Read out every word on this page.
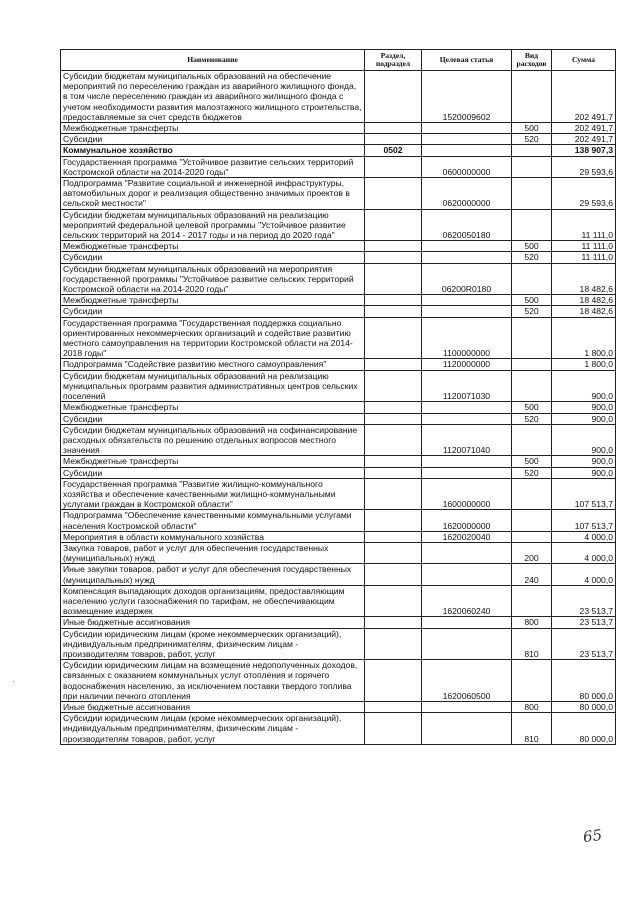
Наименование	Раздел, подраздел	Целевая статья	Вид расходов	Сумма
Субсидии бюджетам муниципальных образований на обеспечение мероприятий по переселению граждан из аварийного жилищного фонда, в том числе переселению граждан из аварийного жилищного фонда с учетом необходимости развития малоэтажного жилищного строительства, предоставляемые за счет средств бюджетов		1520009602		202 491,7
Межбюджетные трансферты			500	202 491,7
Субсидии			520	202 491,7
Коммунальное хозяйство	0502			138 907,3
Государственная программа "Устойчивое развитие сельских территорий Костромской области на 2014-2020 годы"		0600000000		29 593,6
Подпрограмма "Развитие социальной и инженерной инфраструктуры, автомобильных дорог и реализация общественно значимых проектов в сельской местности"		0620000000		29 593,6
Субсидии бюджетам муниципальных образований на реализацию мероприятий федеральной целевой программы "Устойчивое развитие сельских территорий на 2014 - 2017 годы и на период до 2020 года"		0620050180		11 111,0
Межбюджетные трансферты			500	11 111,0
Субсидии			520	11 111,0
Субсидии бюджетам муниципальных образований на мероприятия государственной программы "Устойчивое развитие сельских территорий Костромской области на 2014-2020 годы"		06200R0180		18 482,6
Межбюджетные трансферты			500	18 482,6
Субсидии			520	18 482,6
Государственная программа "Государственная поддержка социально ориентированных некоммерческих организаций и содействие развитию местного самоуправления на территории Костромской области на 2014-2018 годы"		1100000000		1 800,0
Подпрограмма "Содействие развитию местного самоуправления"		1120000000		1 800,0
Субсидии бюджетам муниципальных образований на реализацию муниципальных программ развития административных центров сельских поселений		1120071030		900,0
Межбюджетные трансферты			500	900,0
Субсидии			520	900,0
Субсидии бюджетам муниципальных образований на софинансирование расходных обязательств по решению отдельных вопросов местного значения		1120071040		900,0
Межбюджетные трансферты			500	900,0
Субсидии			520	900,0
Государственная программа "Развитие жилищно-коммунального хозяйства и обеспечение качественными жилищно-коммунальными услугами граждан в Костромской области"		1600000000		107 513,7
Подпрограмма "Обеспечение качественными коммунальными услугами населения Костромской области"		1620000000		107 513,7
Мероприятия в области коммунального хозяйства		1620020040		4 000,0
Закупка товаров, работ и услуг для обеспечения государственных (муниципальных) нужд			200	4 000,0
Иные закупки товаров, работ и услуг для обеспечения государственных (муниципальных) нужд			240	4 000,0
Компенсация выпадающих доходов организациям, предоставляющим населению услуги газоснабжения по тарифам, не обеспечивающим возмещение издержек		1620060240		23 513,7
Иные бюджетные ассигнования			800	23 513,7
Субсидии юридическим лицам (кроме некоммерческих организаций), индивидуальным предпринимателям, физическим лицам - производителям товаров, работ, услуг			810	23 513,7
Субсидии юридическим лицам на возмещение недополученных доходов, связанных с оказанием коммунальных услуг отопления и горячего водоснабжения населению, за исключением поставки твердого топлива при наличии печного отопления		1620060500		80 000,0
Иные бюджетные ассигнования			800	80 000,0
Субсидии юридическим лицам (кроме некоммерческих организаций), индивидуальным предпринимателям, физическим лицам - производителям товаров, работ, услуг			810	80 000,0
65
·
